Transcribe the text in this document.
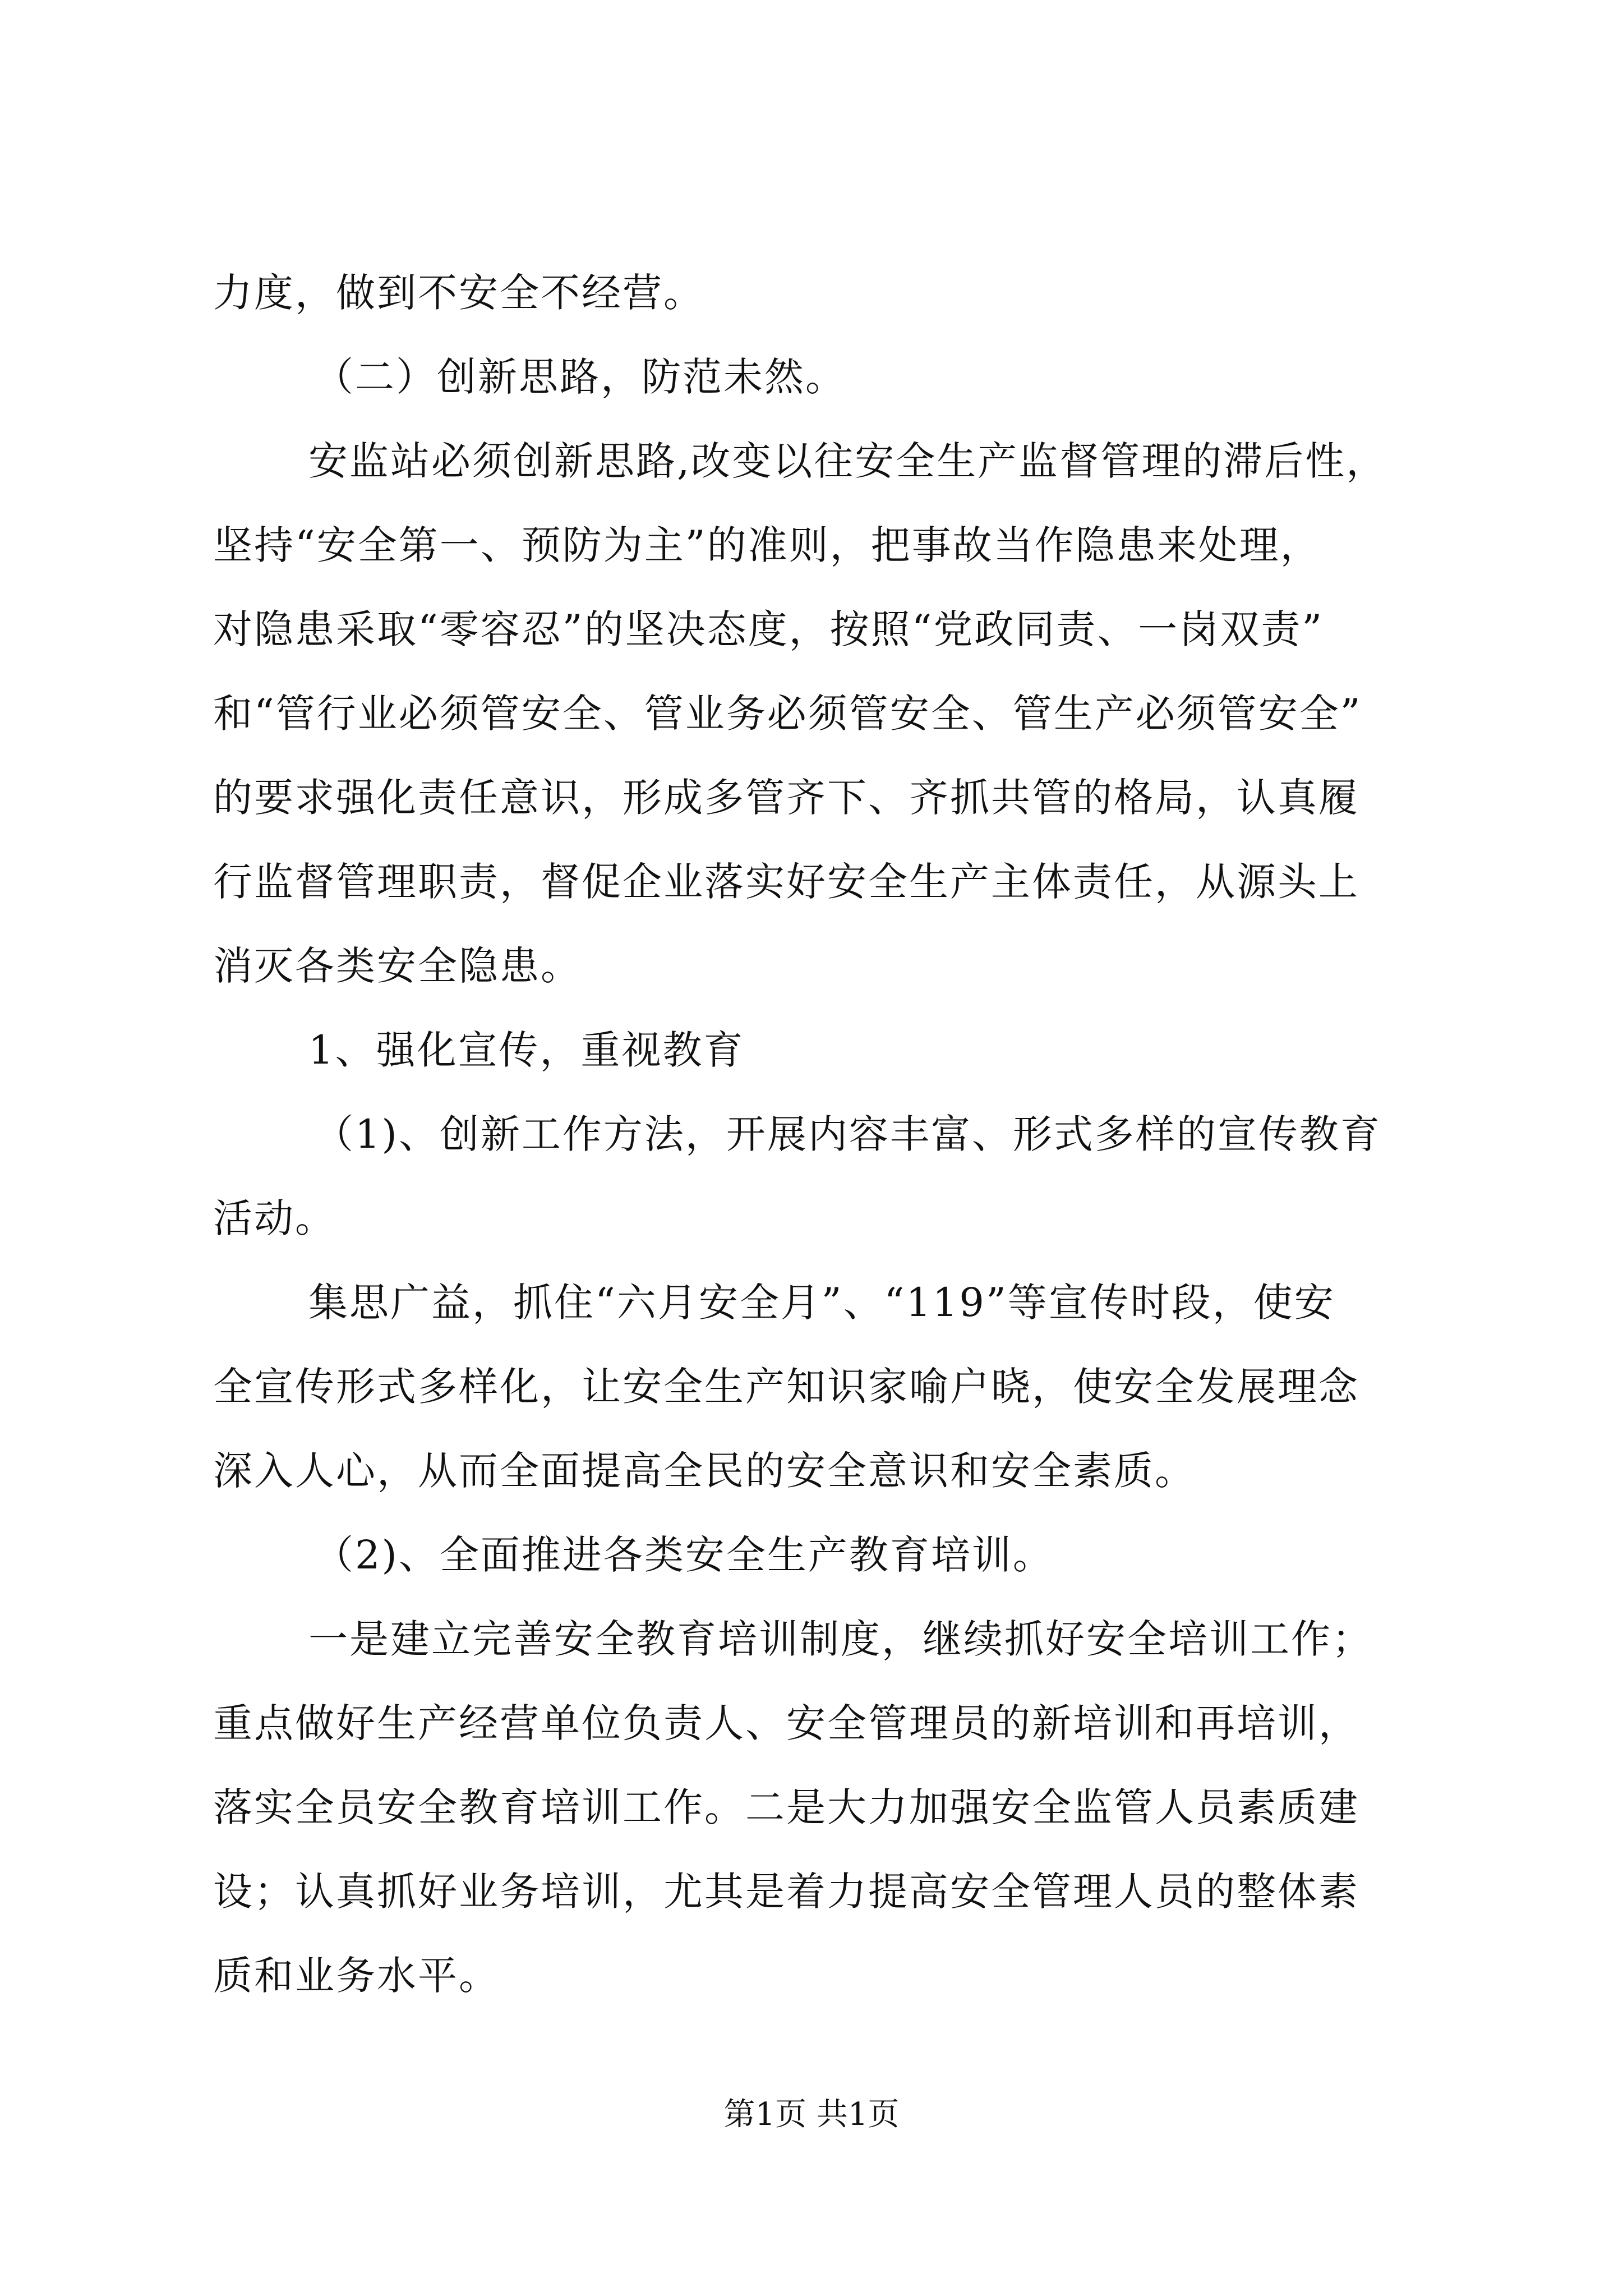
力度，做到不安全不经营。
（二）创新思路，防范未然。
安监站必须创新思路,改变以往安全生产监督管理的滞后性，
坚持“安全第一、预防为主”的准则，把事故当作隐患来处理，
对隐患采取“零容忍”的坚决态度，按照“党政同责、一岗双责”
和“管行业必须管安全、管业务必须管安全、管生产必须管安全”
的要求强化责任意识，形成多管齐下、齐抓共管的格局，认真履
行监督管理职责，督促企业落实好安全生产主体责任，从源头上
消灭各类安全隐患。
1、强化宣传，重视教育
（1)、创新工作方法，开展内容丰富、形式多样的宣传教育
活动。
集思广益，抓住“六月安全月”、“119”等宣传时段，使安
全宣传形式多样化，让安全生产知识家喻户晓，使安全发展理念
深入人心，从而全面提高全民的安全意识和安全素质。
（2)、全面推进各类安全生产教育培训。
一是建立完善安全教育培训制度，继续抓好安全培训工作；
重点做好生产经营单位负责人、安全管理员的新培训和再培训，
落实全员安全教育培训工作。二是大力加强安全监管人员素质建
设；认真抓好业务培训，尤其是着力提高安全管理人员的整体素
质和业务水平。
第1页 共1页
